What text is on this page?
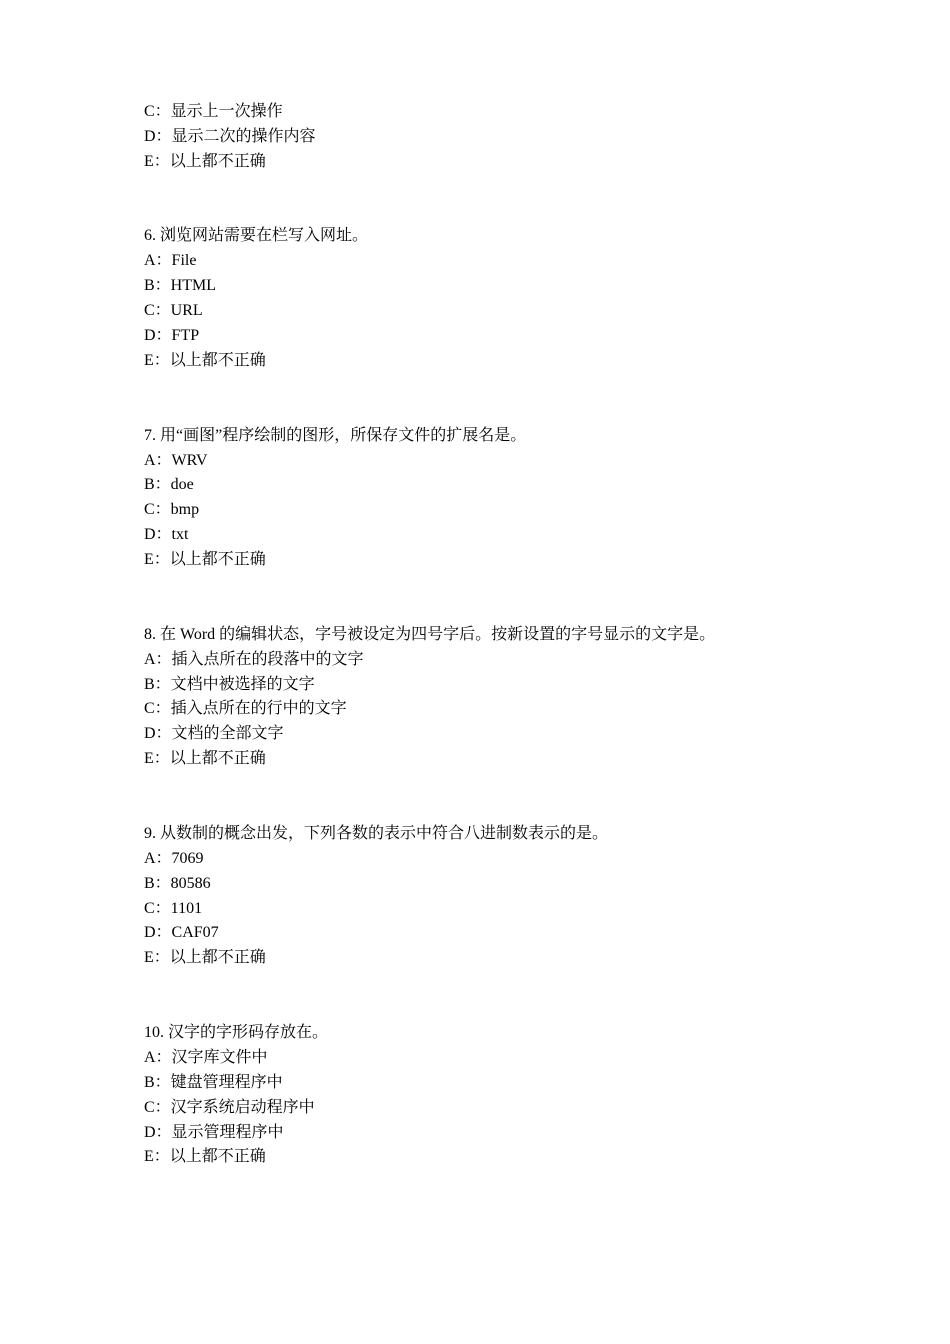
C：显示上一次操作
D：显示二次的操作内容
E：以上都不正确
6. 浏览网站需要在栏写入网址。
A：File
B：HTML
C：URL
D：FTP
E：以上都不正确
7. 用“画图”程序绘制的图形，所保存文件的扩展名是。
A：WRV
B：doe
C：bmp
D：txt
E：以上都不正确
8. 在 Word 的编辑状态，字号被设定为四号字后。按新设置的字号显示的文字是。
A：插入点所在的段落中的文字
B：文档中被选择的文字
C：插入点所在的行中的文字
D：文档的全部文字
E：以上都不正确
9. 从数制的概念出发，下列各数的表示中符合八进制数表示的是。
A：7069
B：80586
C：1101
D：CAF07
E：以上都不正确
10. 汉字的字形码存放在。
A：汉字库文件中
B：键盘管理程序中
C：汉字系统启动程序中
D：显示管理程序中
E：以上都不正确
